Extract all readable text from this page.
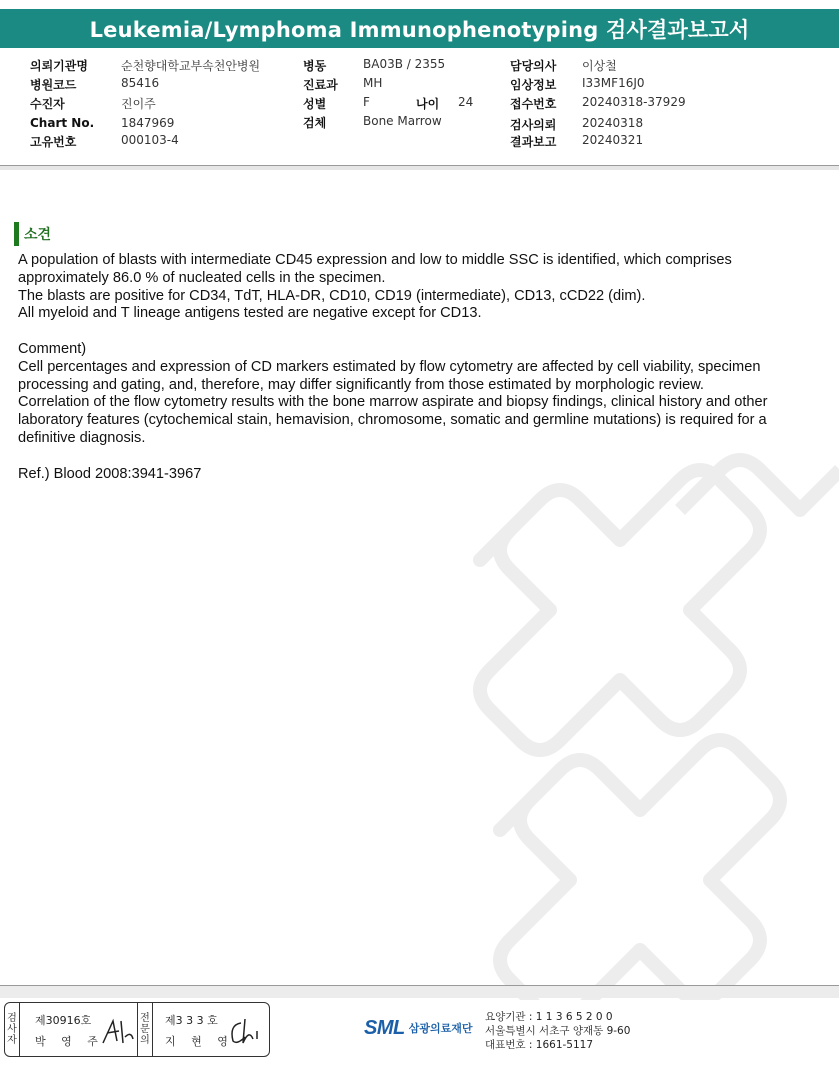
Leukemia/Lymphoma Immunophenotyping 검사결과보고서
의뢰기관명	순천향대학교부속천안병원
병원코드	85416
수진자	진이주
Chart No. 1847969
고유번호	000103-4
병동	BA03B / 2355
진료과 MH
성별	F	나이 24
검체	Bone Marrow
담당의사 이상철
임상정보 I33MF16J0
접수번호 20240318-37929
검사의뢰 20240318
결과보고 20240321
소견

A population of blasts with intermediate CD45 expression and low to middle SSC is identified, which comprises approximately 86.0 % of nucleated cells in the specimen.

The blasts are positive for CD34, TdT, HLA-DR, CD10, CD19 (intermediate), CD13, cCD22 (dim).

All myeloid and T lineage antigens tested are negative except for CD13.

Comment)

Cell percentages and expression of CD markers estimated by flow cytometry are affected by cell viability, specimen processing and gating, and, therefore, may differ significantly from those estimated by morphologic review.

Correlation of the flow cytometry results with the bone marrow aspirate and biopsy findings, clinical history and other laboratory features (cytochemical stain, hemavision, chromosome, somatic and germline mutations) is required for a definitive diagnosis.

Ref.) Blood 2008:3941-3967

검
사
자
제30916호
박 영 주
전
문
의
제3 3 3 호
지 현 영
SML 삼광의료재단
요양기관 : 1 1 3 6 5 2 0 0
서울특별시 서초구 양재동 9-60
대표번호 : 1661-5117
